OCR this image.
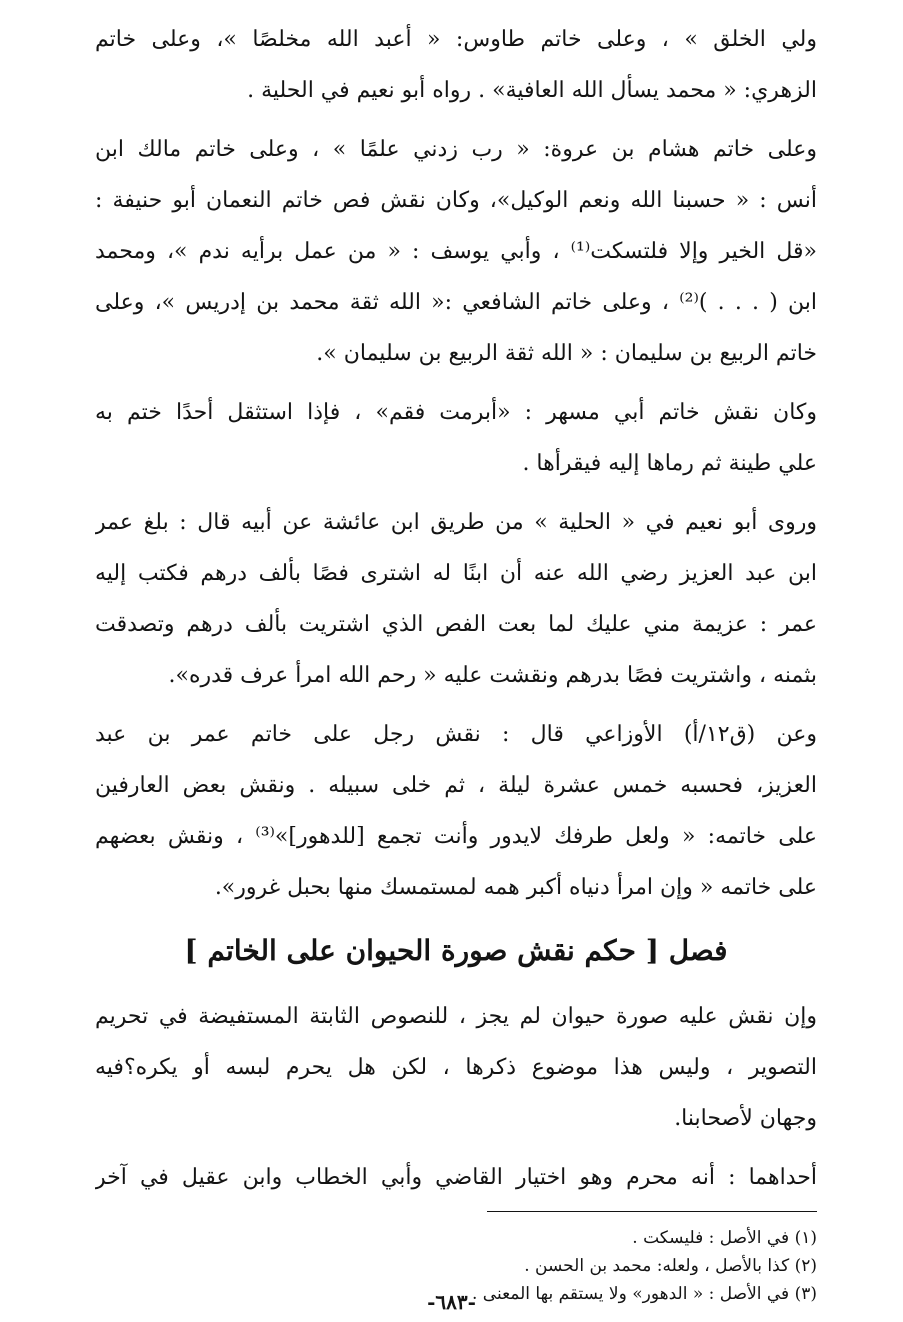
ولي الخلق » ، وعلى خاتم طاوس: « أعبد الله مخلصًا »، وعلى خاتم
الزهري: « محمد يسأل الله العافية» . رواه أبو نعيم في الحلية .
وعلى خاتم هشام بن عروة: « رب زدني علمًا » ، وعلى خاتم مالك ابن
أنس : « حسبنا الله ونعم الوكيل»، وكان نقش فص خاتم النعمان أبو حنيفة :
«قل الخير وإلا فلتسكت⁽¹⁾ ، وأبي يوسف : « من عمل برأيه ندم »، ومحمد
ابن ( . . . )⁽²⁾ ، وعلى خاتم الشافعي :« الله ثقة محمد بن إدريس »، وعلى
خاتم الربيع بن سليمان : « الله ثقة الربيع بن سليمان ».
وكان نقش خاتم أبي مسهر : «أبرمت فقم» ، فإذا استثقل أحدًا ختم به
علي طينة ثم رماها إليه فيقرأها .
وروى أبو نعيم في « الحلية » من طريق ابن عائشة عن أبيه قال : بلغ عمر
ابن عبد العزيز رضي الله عنه أن ابنًا له اشترى فصًا بألف درهم فكتب إليه
عمر : عزيمة مني عليك لما بعت الفص الذي اشتريت بألف درهم وتصدقت
بثمنه ، واشتريت فصًا بدرهم ونقشت عليه « رحم الله امرأ عرف قدره».
وعن (ق١٢/أ) الأوزاعي قال : نقش رجل على خاتم عمر بن عبد
العزيز، فحسبه خمس عشرة ليلة ، ثم خلى سبيله . ونقش بعض العارفين
على خاتمه: « ولعل طرفك لايدور وأنت تجمع [للدهور]»⁽³⁾ ، ونقش بعضهم
على خاتمه « وإن امرأ دنياه أكبر همه لمستمسك منها بحبل غرور».
فصل [ حكم نقش صورة الحيوان على الخاتم ]
وإن نقش عليه صورة حيوان لم يجز ، للنصوص الثابتة المستفيضة في تحريم
التصوير ، وليس هذا موضوع ذكرها ، لكن هل يحرم لبسه أو يكره؟فيه
وجهان لأصحابنا.
أحداهما : أنه محرم وهو اختيار القاضي وأبي الخطاب وابن عقيل في آخر
(١) في الأصل : فليسكت .
(٢) كذا بالأصل ، ولعله: محمد بن الحسن .
(٣) في الأصل : « الدهور» ولا يستقم بها المعنى .
-٦٨٣-
